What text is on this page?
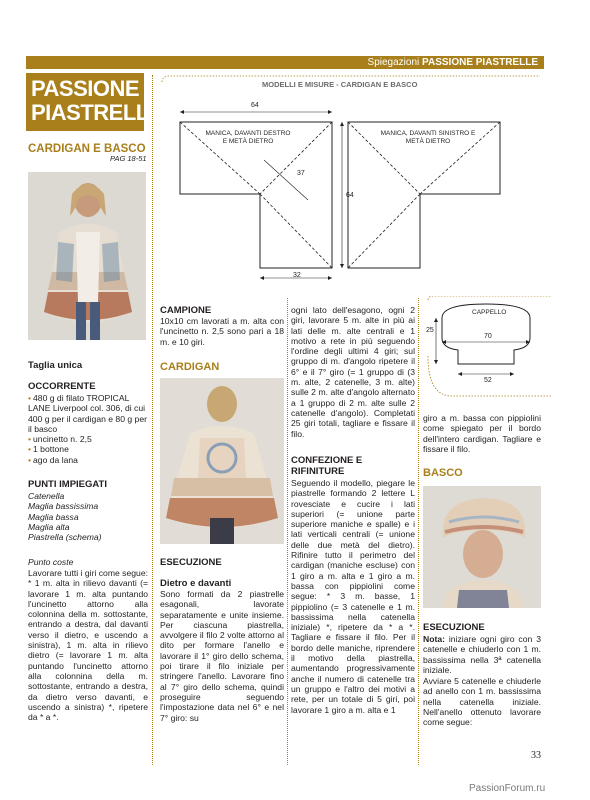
Spiegazioni PASSIONE PIASTRELLE
PASSIONE
PIASTRELLE
CARDIGAN E BASCO
PAG 18-51
Taglia unica
OCCORRENTE
• 480 g di filato TROPICAL LANE Liverpool col. 306, di cui 400 g per il cardigan e 80 g per il basco
• uncinetto n. 2,5
• 1 bottone
• ago da lana
PUNTI IMPIEGATI
Catenella
Maglia bassissima
Maglia bassa
Maglia alta
Piastrella (schema)
Punto coste
Lavorare tutti i giri come segue: * 1 m. alta in rilievo davanti (= lavorare 1 m. alta puntando l'uncinetto attorno alla colonnina della m. sottostante, entrando a destra, dal davanti verso il dietro, e uscendo a sinistra), 1 m. alta in rilievo dietro (= lavorare 1 m. alta puntando l'uncinetto attorno alla colonnina della m. sottostante, entrando a destra, da dietro verso davanti, e uscendo a sinistra) *, ripetere da * a *.
MODELLI E MISURE - CARDIGAN E BASCO
64
37
64
32
MANICA, DAVANTI DESTRO E METÀ DIETRO
MANICA, DAVANTI SINISTRO E METÀ DIETRO
CAMPIONE
10x10 cm lavorati a m. alta con l'uncinetto n. 2,5 sono pari a 18 m. e 10 giri.
CARDIGAN
ESECUZIONE
Dietro e davanti
Sono formati da 2 piastrelle esagonali, lavorate separatamente e unite insieme. Per ciascuna piastrella, avvolgere il filo 2 volte attorno al dito per formare l'anello e lavorare il 1° giro dello schema, poi tirare il filo iniziale per stringere l'anello. Lavorare fino al 7° giro dello schema, quindi proseguire seguendo l'impostazione data nel 6° e nel 7° giro: su
ogni lato dell'esagono, ogni 2 giri, lavorare 5 m. alte in più ai lati delle m. alte centrali e 1 motivo a rete in più seguendo l'ordine degli ultimi 4 giri; sul gruppo di m. d'angolo ripetere il 6° e il 7° giro (= 1 gruppo di (3 m. alte, 2 catenelle, 3 m. alte) sulle 2 m. alte d'angolo alternato a 1 gruppo di 2 m. alte sulle 2 catenelle d'angolo). Completati 25 giri totali, tagliare e fissare il filo.
CONFEZIONE E RIFINITURE
Seguendo il modello, piegare le piastrelle formando 2 lettere L rovesciate e cucire i lati superiori (= unione parte superiore maniche e spalle) e i lati verticali centrali (= unione delle due metà del dietro). Rifinire tutto il perimetro del cardigan (maniche escluse) con 1 giro a m. alta e 1 giro a m. bassa con pippiolini come segue: * 3 m. basse, 1 pippiolino (= 3 catenelle e 1 m. bassissima nella catenella iniziale) *, ripetere da * a *. Tagliare e fissare il filo. Per il bordo delle maniche, riprendere il motivo della piastrella, aumentando progressivamente anche il numero di catenelle tra un gruppo e l'altro dei motivi a rete, per un totale di 5 giri, poi lavorare 1 giro a m. alta e 1
CAPPELLO
25
70
52
giro a m. bassa con pippiolini come spiegato per il bordo dell'intero cardigan. Tagliare e fissare il filo.
BASCO
ESECUZIONE
Nota: iniziare ogni giro con 3 catenelle e chiuderlo con 1 m. bassissima nella 3ª catenella iniziale.
Avviare 5 catenelle e chiuderle ad anello con 1 m. bassissima nella catenella iniziale. Nell'anello ottenuto lavorare come segue:
33
PassionForum.ru
